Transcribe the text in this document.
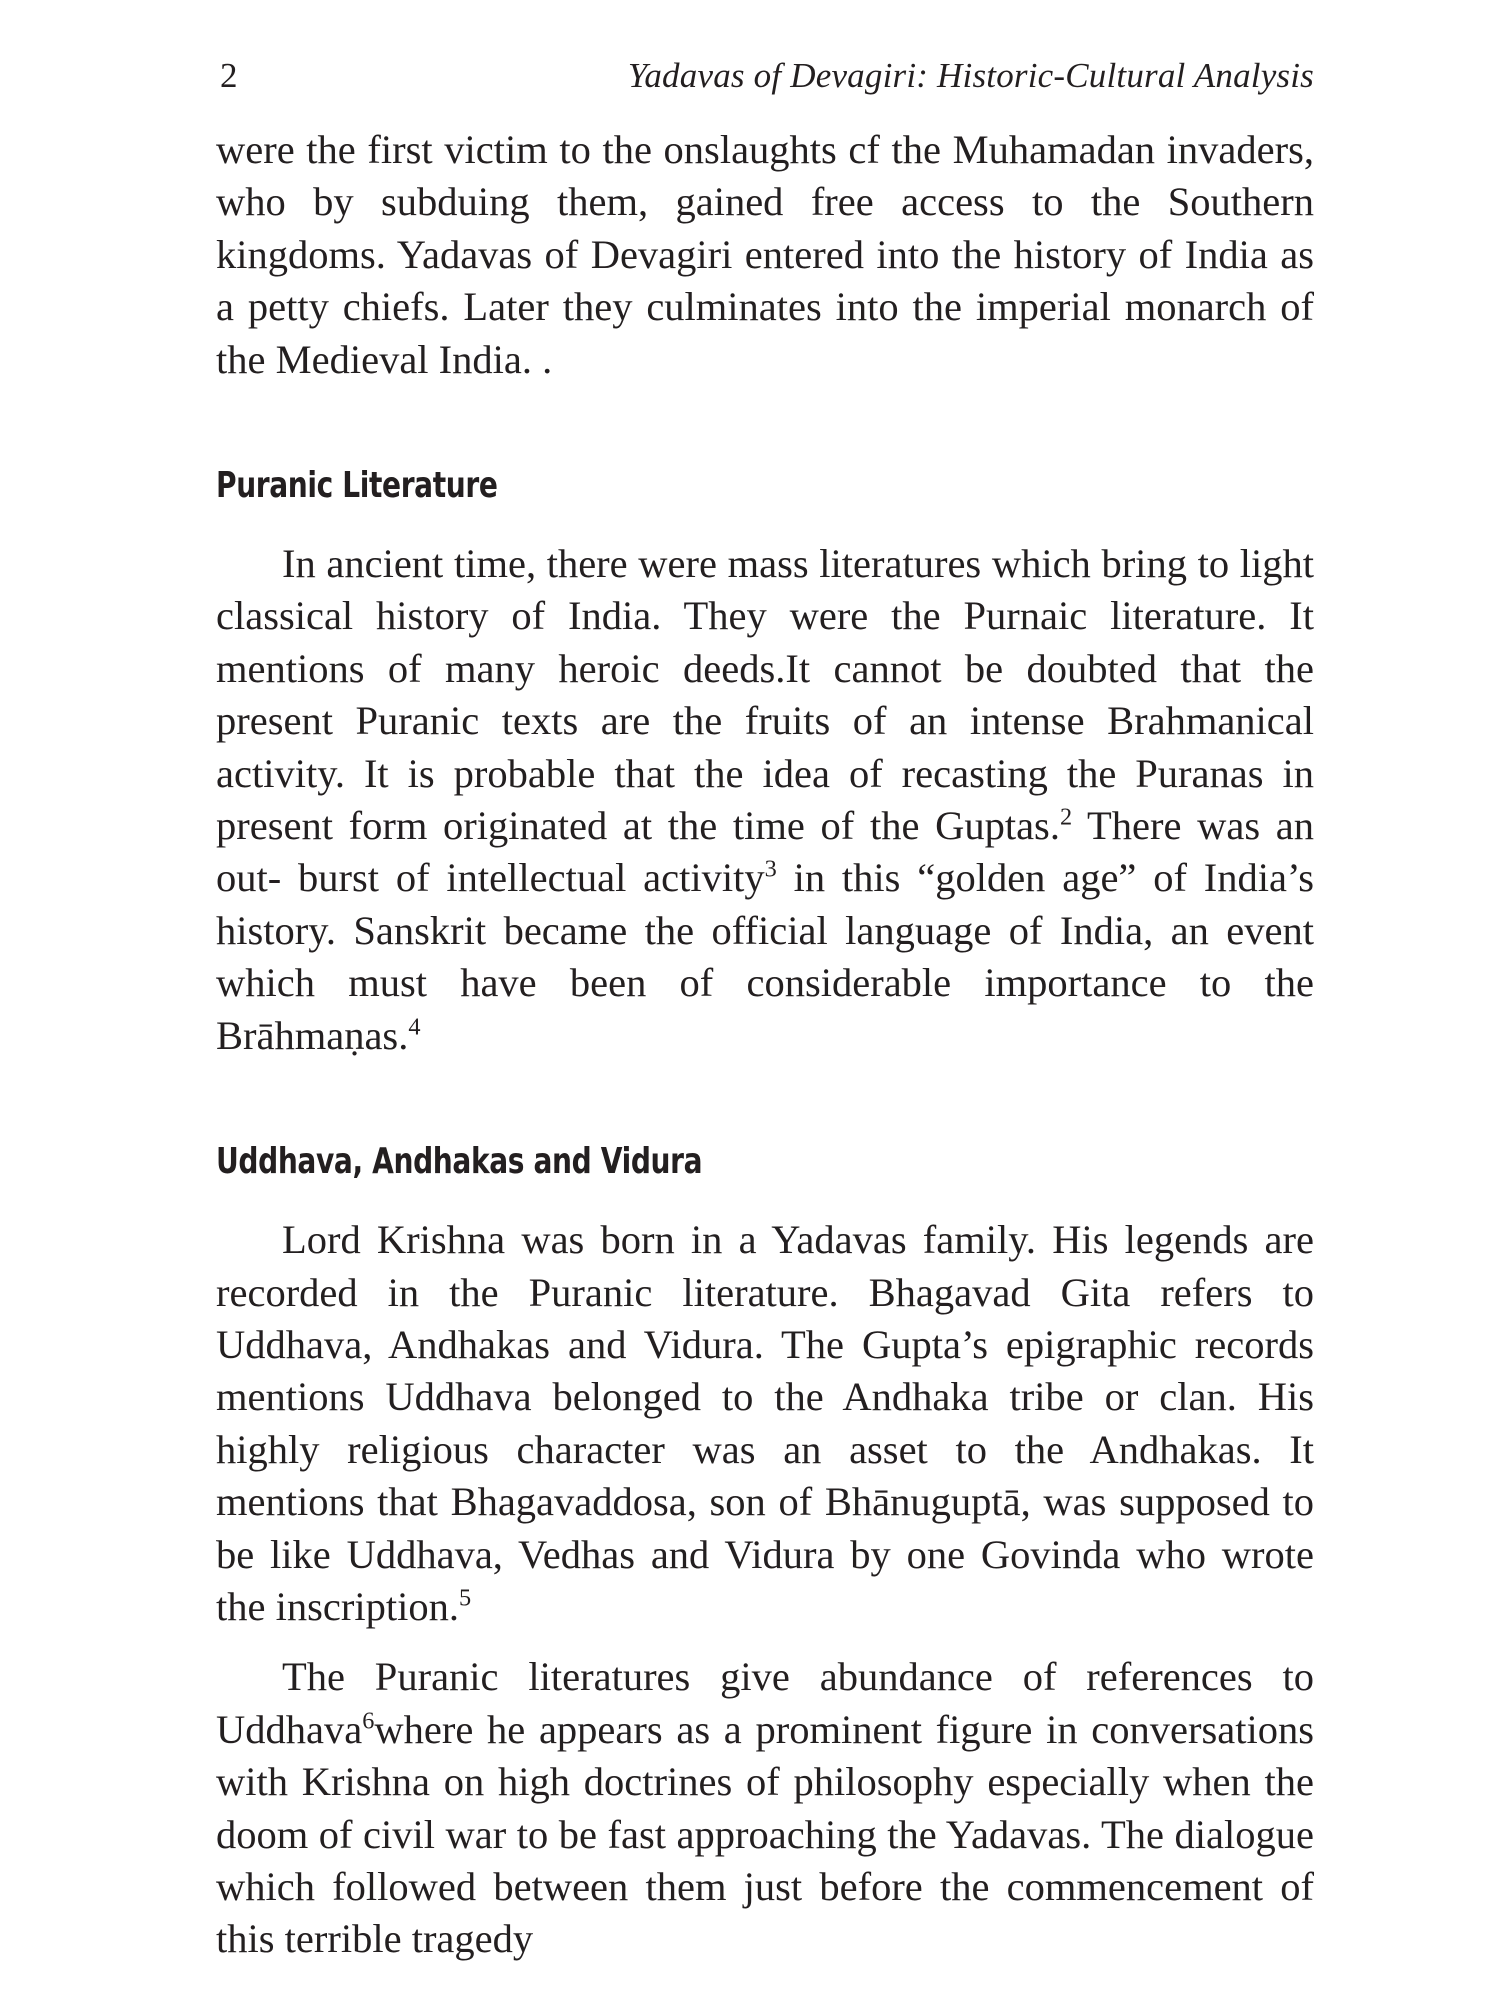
2	Yadavas of Devagiri: Historic-Cultural Analysis

were the first victim to the onslaughts cf the Muhamadan invaders, who by subduing them, gained free access to the Southern kingdoms. Yadavas of Devagiri entered into the history of India as a petty chiefs. Later they culminates into the imperial monarch of the Medieval India. .

Puranic Literature

In ancient time, there were mass literatures which bring to light classical history of India. They were the Purnaic literature. It mentions of many heroic deeds.It cannot be doubted that the present Puranic texts are the fruits of an intense Brahmanical activity. It is probable that the idea of recasting the Puranas in present form originated at the time of the Guptas.$^2$ There was an out- burst of intellectual activity$^3$ in this “golden age” of India’s history. Sanskrit became the official language of India, an event which must have been of considerable importance to the Brāhmaṇas.$^4$

Uddhava, Andhakas and Vidura

Lord Krishna was born in a Yadavas family. His legends are recorded in the Puranic literature. Bhagavad Gita refers to Uddhava, Andhakas and Vidura. The Gupta’s epigraphic records mentions Uddhava belonged to the Andhaka tribe or clan. His highly religious character was an asset to the Andhakas. It mentions that Bhagavaddosa, son of Bhānuguptā, was supposed to be like Uddhava, Vedhas and Vidura by one Govinda who wrote the inscription.$^5$

The Puranic literatures give abundance of references to Uddhava$^6$where he appears as a prominent figure in conversations with Krishna on high doctrines of philosophy especially when the doom of civil war to be fast approaching the Yadavas. The dialogue which followed between them just before the commencement of this terrible tragedy
